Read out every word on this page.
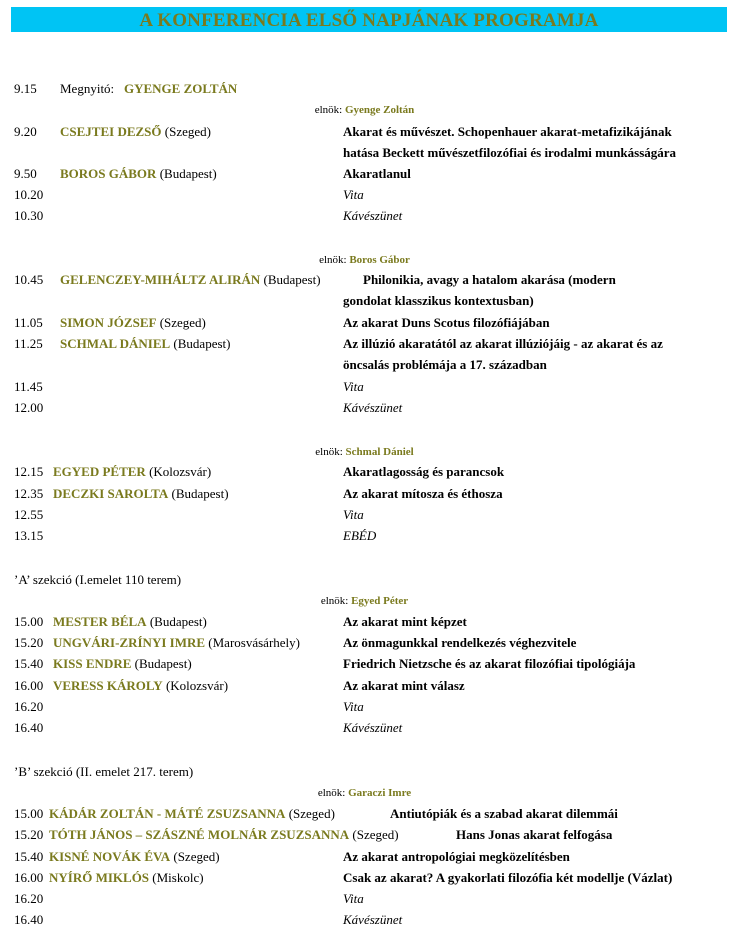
A KONFERENCIA ELSŐ NAPJÁNAK PROGRAMJA
9.15 Megnyitó: GYENGE ZOLTÁN
elnök: Gyenge Zoltán
9.20 CSEJTEI DEZSŐ (Szeged)	Akarat és művészet. Schopenhauer akarat-metafizikájának
hatása Beckett művészetfilozófiai és irodalmi munkásságára
9.50 BOROS GÁBOR (Budapest)	Akaratlanul
10.20	Vita
10.30	Kávészünet
elnök: Boros Gábor
10.45 GELENCZEY-MIHÁLTZ ALIRÁN (Budapest)	Philonikia, avagy a hatalom akarása (modern
gondolat klasszikus kontextusban)
11.05 SIMON JÓZSEF (Szeged)	Az akarat Duns Scotus filozófiájában
11.25 SCHMAL DÁNIEL (Budapest)	Az illúzió akaratától az akarat illúziójáig - az akarat és az
öncsalás problémája a 17. században
11.45	Vita
12.00	Kávészünet
elnök: Schmal Dániel
12.15 EGYED PÉTER (Kolozsvár)	Akaratlagosság és parancsok
12.35 DECZKI SAROLTA (Budapest)	Az akarat mítosza és éthosza
12.55	Vita
13.15	EBÉD
’A’ szekció (I.emelet 110 terem)
elnök: Egyed Péter
15.00 MESTER BÉLA (Budapest)	Az akarat mint képzet
15.20 UNGVÁRI-ZRÍNYI IMRE (Marosvásárhely)	Az önmagunkkal rendelkezés véghezvitele
15.40 KISS ENDRE (Budapest)	Friedrich Nietzsche és az akarat filozófiai tipológiája
16.00 VERESS KÁROLY (Kolozsvár)	Az akarat mint válasz
16.20	Vita
16.40	Kávészünet
’B’ szekció (II. emelet 217. terem)
elnök: Garaczi Imre
15.00 KÁDÁR ZOLTÁN - MÁTÉ ZSUZSANNA (Szeged)	Antiutópiák és a szabad akarat dilemmái
15.20 TÓTH JÁNOS – SZÁSZNÉ MOLNÁR ZSUZSANNA (Szeged)	Hans Jonas akarat felfogása
15.40 KISNÉ NOVÁK ÉVA (Szeged)	Az akarat antropológiai megközelítésben
16.00 NYÍRŐ MIKLÓS (Miskolc)	Csak az akarat? A gyakorlati filozófia két modellje (Vázlat)
16.20	Vita
16.40	Kávészünet
